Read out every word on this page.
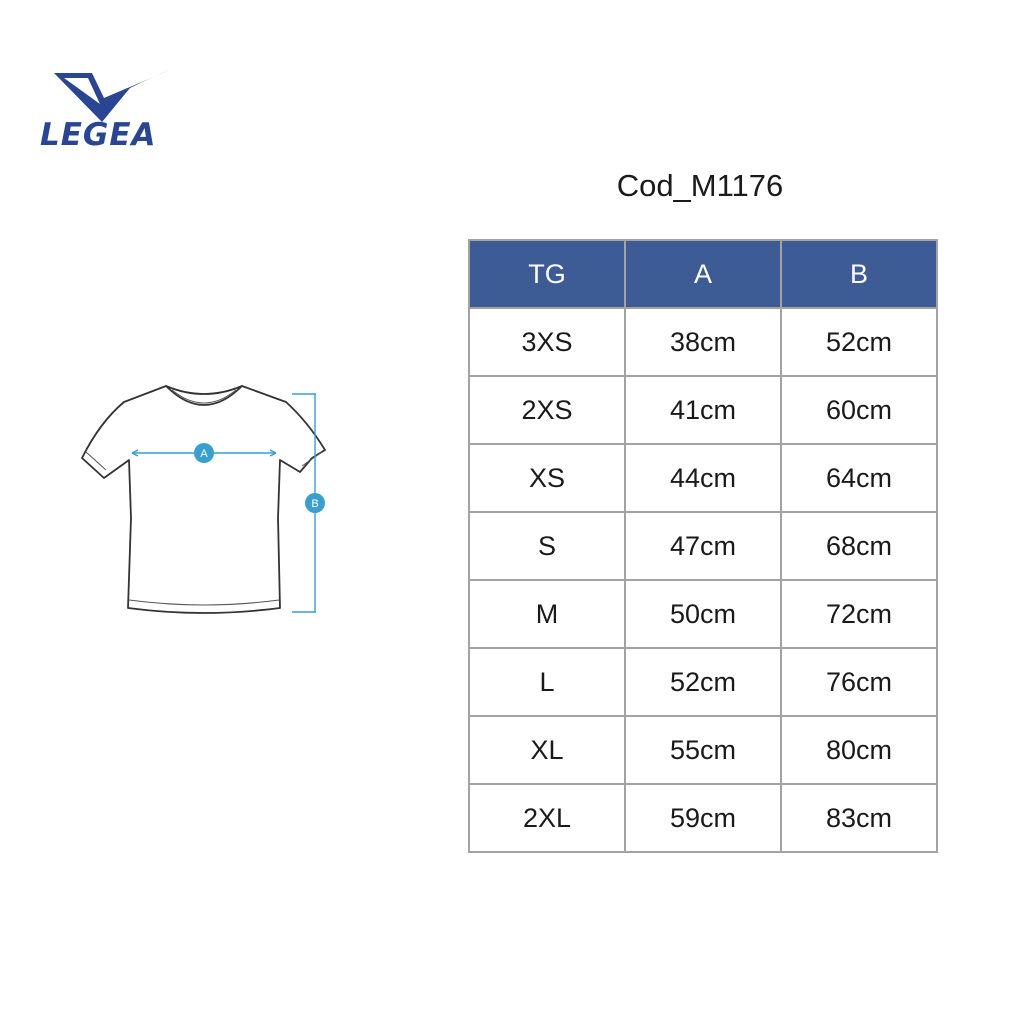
LEGEA
Cod_M1176
A
B
TG	A	B
3XS	38cm	52cm
2XS	41cm	60cm
XS	44cm	64cm
S	47cm	68cm
M	50cm	72cm
L	52cm	76cm
XL	55cm	80cm
2XL	59cm	83cm
